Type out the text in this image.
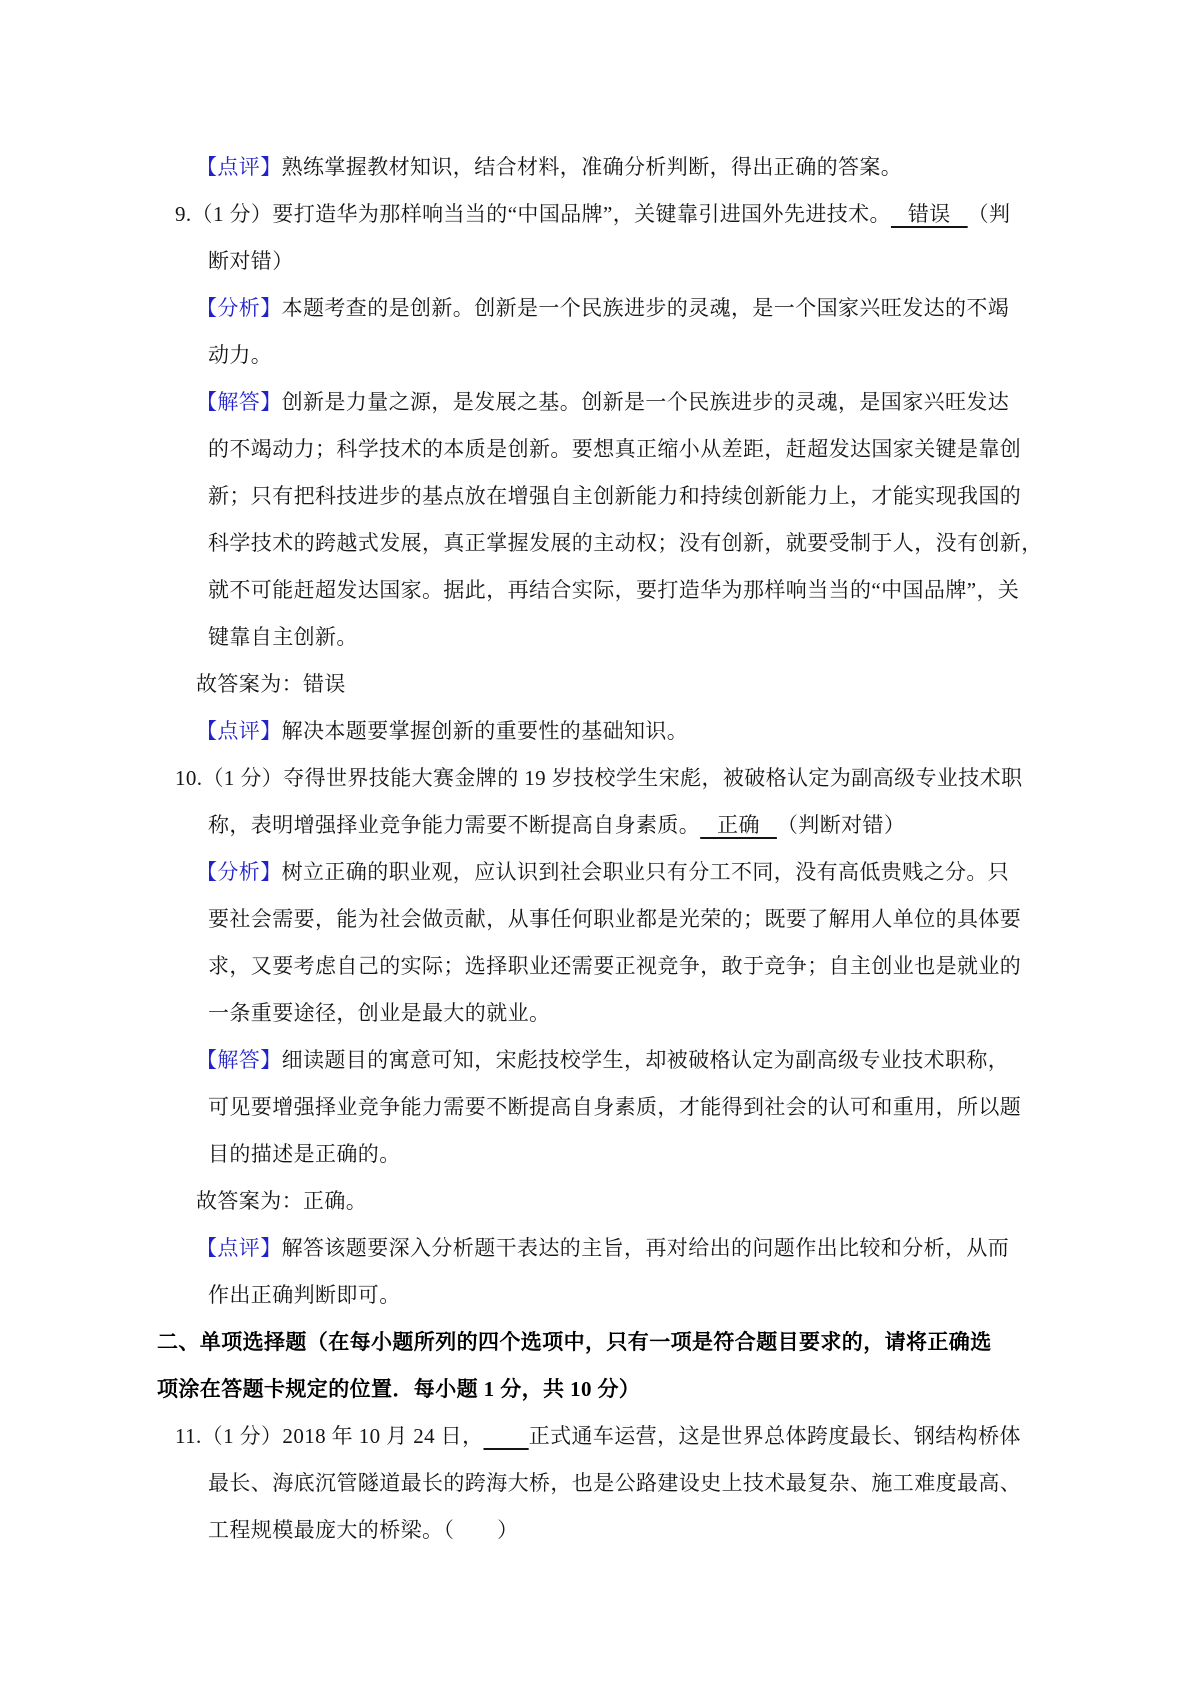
【点评】熟练掌握教材知识，结合材料，准确分析判断，得出正确的答案。
9.（1 分）要打造华为那样响当当的“中国品牌”，关键靠引进国外先进技术。   错误   （判
断对错）
【分析】本题考查的是创新。创新是一个民族进步的灵魂，是一个国家兴旺发达的不竭
动力。
【解答】创新是力量之源，是发展之基。创新是一个民族进步的灵魂，是国家兴旺发达
的不竭动力；科学技术的本质是创新。要想真正缩小从差距，赶超发达国家关键是靠创
新；只有把科技进步的基点放在增强自主创新能力和持续创新能力上，才能实现我国的
科学技术的跨越式发展，真正掌握发展的主动权；没有创新，就要受制于人，没有创新，
就不可能赶超发达国家。据此，再结合实际，要打造华为那样响当当的“中国品牌”，关
键靠自主创新。
故答案为：错误
【点评】解决本题要掌握创新的重要性的基础知识。
10.（1 分）夺得世界技能大赛金牌的 19 岁技校学生宋彪，被破格认定为副高级专业技术职
称，表明增强择业竞争能力需要不断提高自身素质。   正确   （判断对错）
【分析】树立正确的职业观，应认识到社会职业只有分工不同，没有高低贵贱之分。只
要社会需要，能为社会做贡献，从事任何职业都是光荣的；既要了解用人单位的具体要
求，又要考虑自己的实际；选择职业还需要正视竞争，敢于竞争；自主创业也是就业的
一条重要途径，创业是最大的就业。
【解答】细读题目的寓意可知，宋彪技校学生，却被破格认定为副高级专业技术职称，
可见要增强择业竞争能力需要不断提高自身素质，才能得到社会的认可和重用，所以题
目的描述是正确的。
故答案为：正确。
【点评】解答该题要深入分析题干表达的主旨，再对给出的问题作出比较和分析，从而
作出正确判断即可。
二、单项选择题（在每小题所列的四个选项中，只有一项是符合题目要求的，请将正确选
项涂在答题卡规定的位置．每小题 1 分，共 10 分）
11.（1 分）2018 年 10 月 24 日， 正式通车运营，这是世界总体跨度最长、钢结构桥体
最长、海底沉管隧道最长的跨海大桥，也是公路建设史上技术最复杂、施工难度最高、
工程规模最庞大的桥梁。（　　）
